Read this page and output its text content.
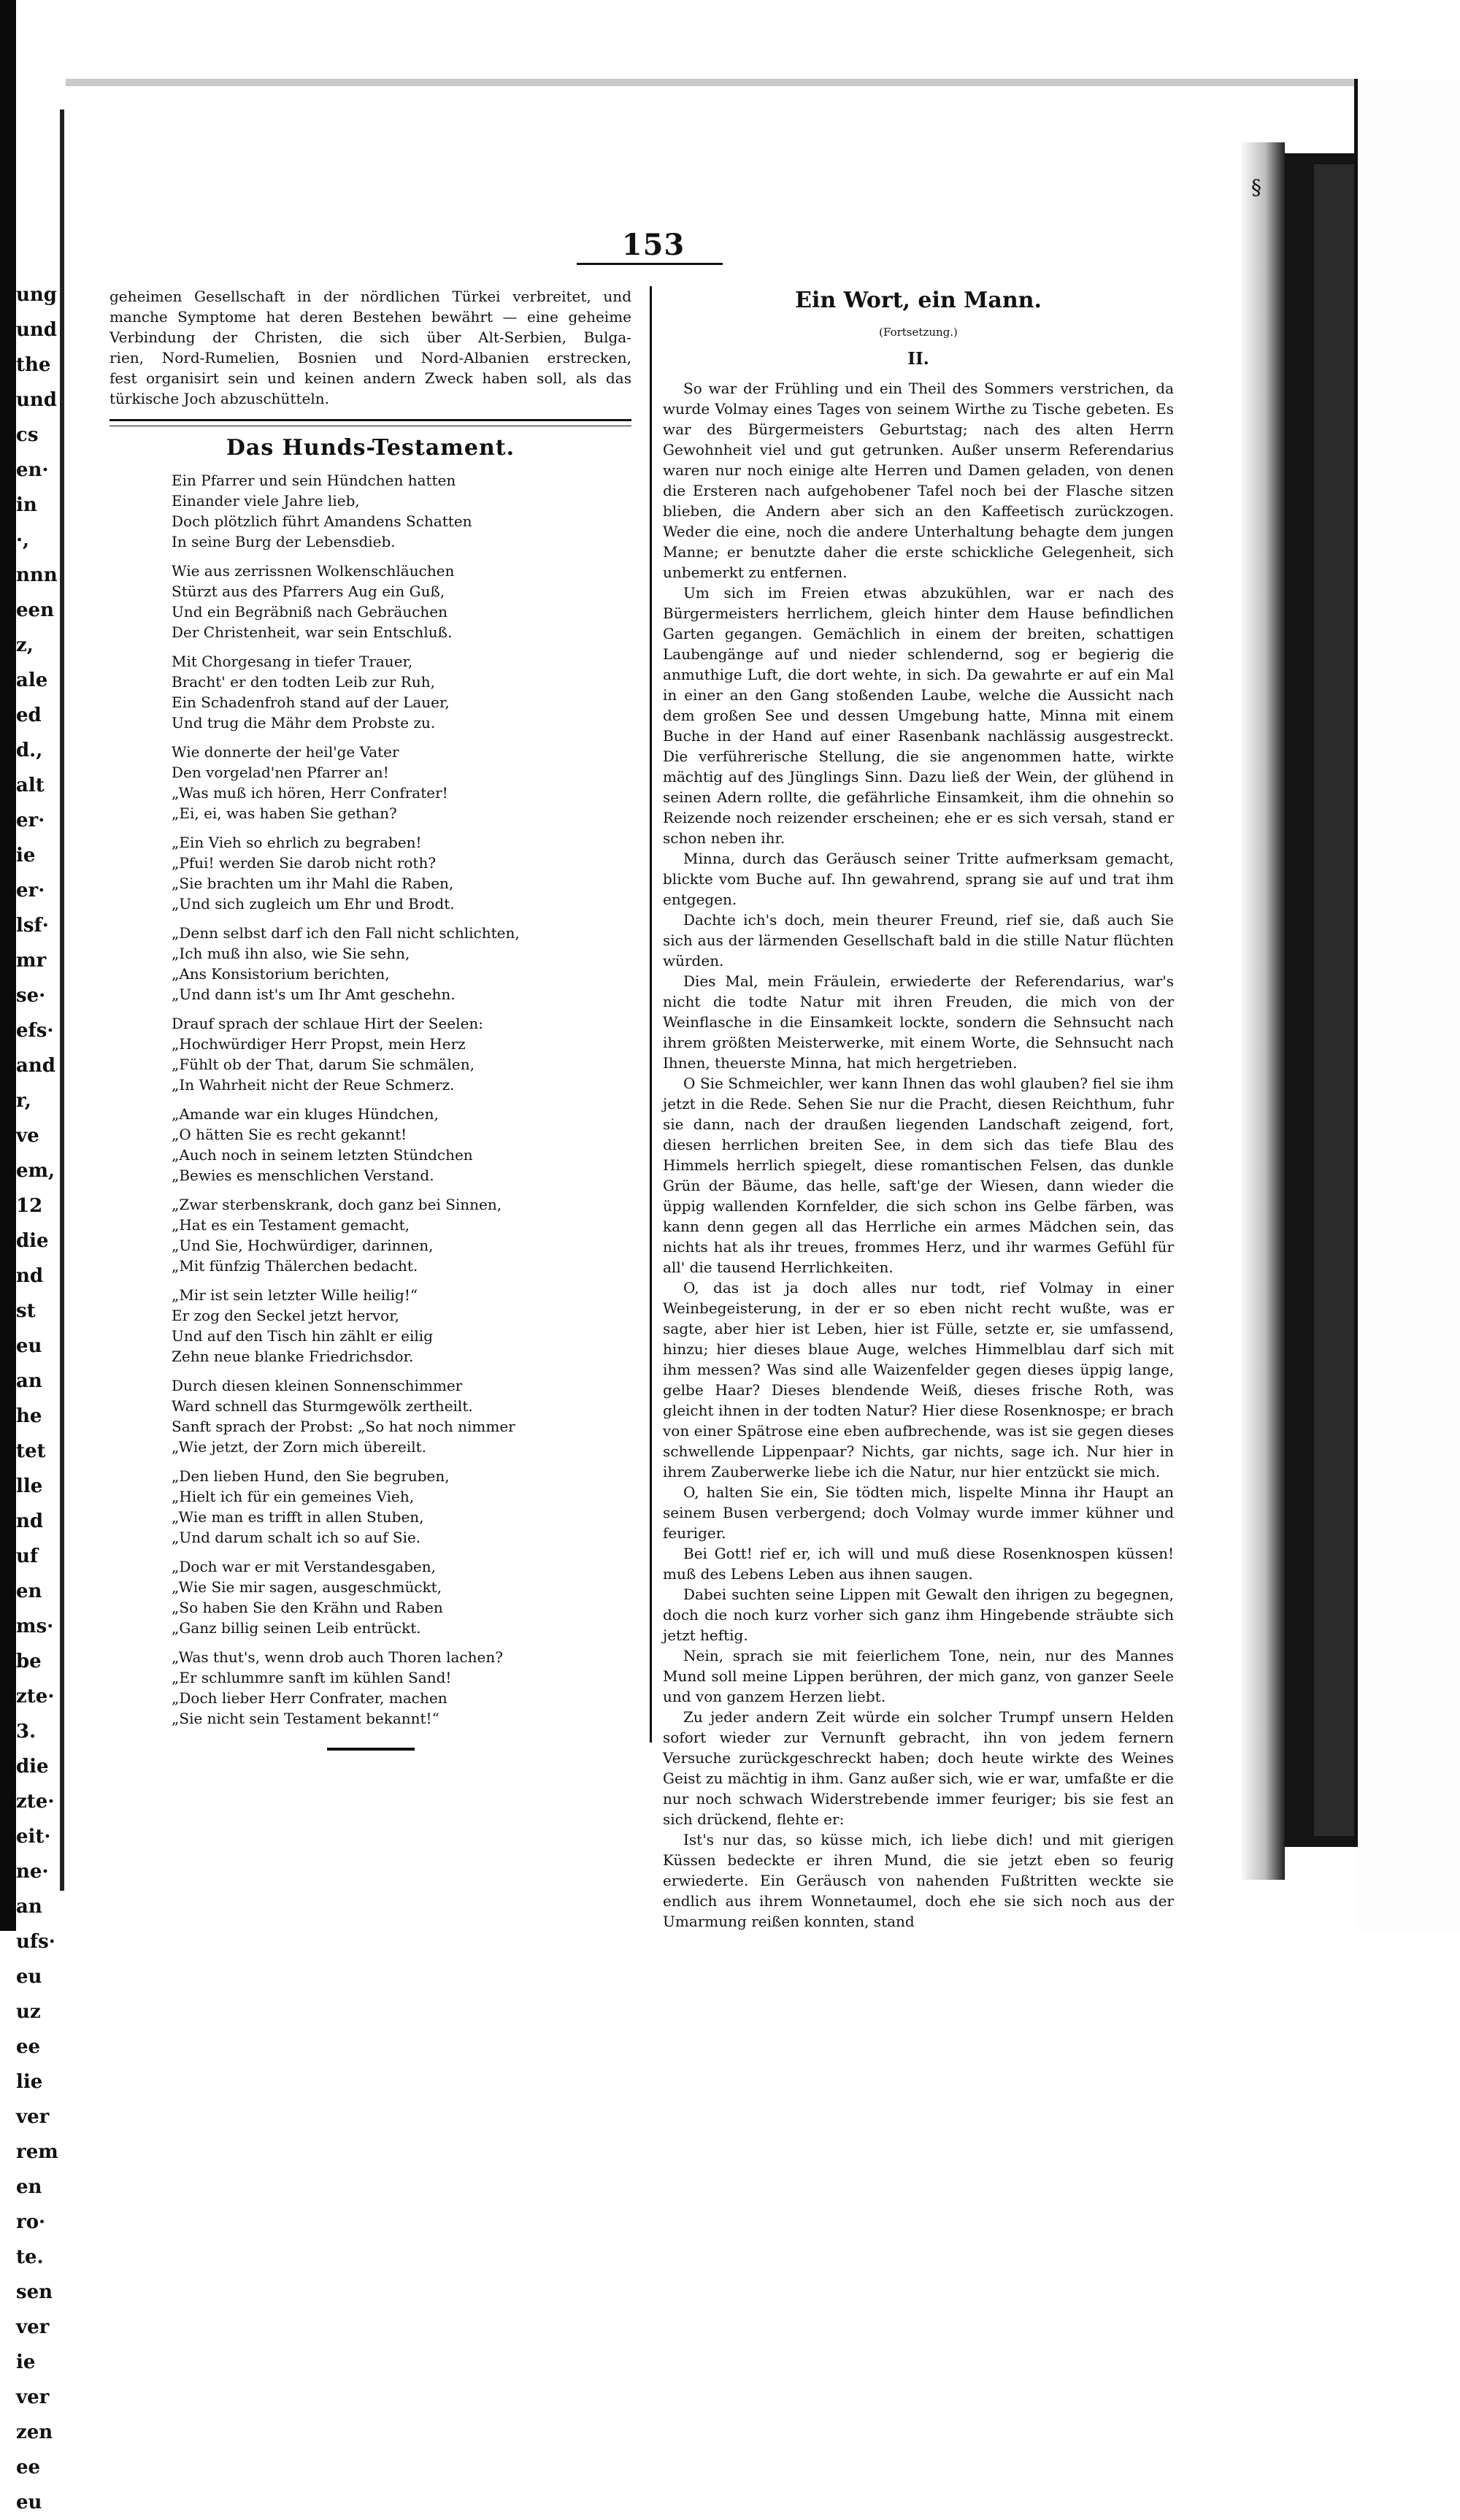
ung
und
the
und
cs
en·
in
·,
nnn
een
z,
ale
ed
d.,
alt
er·
ie
er·
lsf·
mr
se·
efs·
and
r,
ve
em,
12
die
nd
st
eu
an
he
tet
lle
nd
uf
en
ms·
be
zte·
3.
die
zte·
eit·
ne·
an
ufs·
eu
uz
ee
lie
ver
rem
en
ro·
te.
sen
ver
ie
ver
zen
ee
eu
§
153

geheimen Gesellschaft in der nördlichen Türkei verbreitet, und

manche Symptome hat deren Bestehen bewährt — eine geheime

Verbindung der Christen, die sich über Alt-Serbien, Bulga-

rien, Nord-Rumelien, Bosnien und Nord-Albanien erstrecken,

fest organisirt sein und keinen andern Zweck haben soll, als das

türkische Joch abzuschütteln.

Das Hunds-Testament.
Ein Pfarrer und sein Hündchen hatten
Einander viele Jahre lieb,
Doch plötzlich führt Amandens Schatten
In seine Burg der Lebensdieb.
Wie aus zerrissnen Wolkenschläuchen
Stürzt aus des Pfarrers Aug ein Guß,
Und ein Begräbniß nach Gebräuchen
Der Christenheit, war sein Entschluß.
Mit Chorgesang in tiefer Trauer,
Bracht' er den todten Leib zur Ruh,
Ein Schadenfroh stand auf der Lauer,
Und trug die Mähr dem Probste zu.
Wie donnerte der heil'ge Vater
Den vorgelad'nen Pfarrer an!
„Was muß ich hören, Herr Confrater!
„Ei, ei, was haben Sie gethan?
„Ein Vieh so ehrlich zu begraben!
„Pfui! werden Sie darob nicht roth?
„Sie brachten um ihr Mahl die Raben,
„Und sich zugleich um Ehr und Brodt.
„Denn selbst darf ich den Fall nicht schlichten,
„Ich muß ihn also, wie Sie sehn,
„Ans Konsistorium berichten,
„Und dann ist's um Ihr Amt geschehn.
Drauf sprach der schlaue Hirt der Seelen:
„Hochwürdiger Herr Propst, mein Herz
„Fühlt ob der That, darum Sie schmälen,
„In Wahrheit nicht der Reue Schmerz.
„Amande war ein kluges Hündchen,
„O hätten Sie es recht gekannt!
„Auch noch in seinem letzten Stündchen
„Bewies es menschlichen Verstand.
„Zwar sterbenskrank, doch ganz bei Sinnen,
„Hat es ein Testament gemacht,
„Und Sie, Hochwürdiger, darinnen,
„Mit fünfzig Thälerchen bedacht.
„Mir ist sein letzter Wille heilig!“
Er zog den Seckel jetzt hervor,
Und auf den Tisch hin zählt er eilig
Zehn neue blanke Friedrichsdor.
Durch diesen kleinen Sonnenschimmer
Ward schnell das Sturmgewölk zertheilt.
Sanft sprach der Probst: „So hat noch nimmer
„Wie jetzt, der Zorn mich übereilt.
„Den lieben Hund, den Sie begruben,
„Hielt ich für ein gemeines Vieh,
„Wie man es trifft in allen Stuben,
„Und darum schalt ich so auf Sie.
„Doch war er mit Verstandesgaben,
„Wie Sie mir sagen, ausgeschmückt,
„So haben Sie den Krähn und Raben
„Ganz billig seinen Leib entrückt.
„Was thut's, wenn drob auch Thoren lachen?
„Er schlummre sanft im kühlen Sand!
„Doch lieber Herr Confrater, machen
„Sie nicht sein Testament bekannt!“
Ein Wort, ein Mann.
(Fortsetzung.)
II.

So war der Frühling und ein Theil des Sommers verstrichen, da wurde Volmay eines Tages von seinem Wirthe zu Tische gebeten. Es war des Bürgermeisters Geburtstag; nach des alten Herrn Gewohnheit viel und gut getrunken. Außer unserm Referendarius waren nur noch einige alte Herren und Damen geladen, von denen die Ersteren nach aufgehobener Tafel noch bei der Flasche sitzen blieben, die Andern aber sich an den Kaffeetisch zurückzogen. Weder die eine, noch die andere Unterhaltung behagte dem jungen Manne; er benutzte daher die erste schickliche Gelegenheit, sich unbemerkt zu entfernen.

Um sich im Freien etwas abzukühlen, war er nach des Bürgermeisters herrlichem, gleich hinter dem Hause befindlichen Garten gegangen. Gemächlich in einem der breiten, schattigen Laubengänge auf und nieder schlendernd, sog er begierig die anmuthige Luft, die dort wehte, in sich. Da gewahrte er auf ein Mal in einer an den Gang stoßenden Laube, welche die Aussicht nach dem großen See und dessen Umgebung hatte, Minna mit einem Buche in der Hand auf einer Rasenbank nachlässig ausgestreckt. Die verführerische Stellung, die sie angenommen hatte, wirkte mächtig auf des Jünglings Sinn. Dazu ließ der Wein, der glühend in seinen Adern rollte, die gefährliche Einsamkeit, ihm die ohnehin so Reizende noch reizender erscheinen; ehe er es sich versah, stand er schon neben ihr.

Minna, durch das Geräusch seiner Tritte aufmerksam gemacht, blickte vom Buche auf. Ihn gewahrend, sprang sie auf und trat ihm entgegen.

Dachte ich's doch, mein theurer Freund, rief sie, daß auch Sie sich aus der lärmenden Gesellschaft bald in die stille Natur flüchten würden.

Dies Mal, mein Fräulein, erwiederte der Referendarius, war's nicht die todte Natur mit ihren Freuden, die mich von der Weinflasche in die Einsamkeit lockte, sondern die Sehnsucht nach ihrem größten Meisterwerke, mit einem Worte, die Sehnsucht nach Ihnen, theuerste Minna, hat mich hergetrieben.

O Sie Schmeichler, wer kann Ihnen das wohl glauben? fiel sie ihm jetzt in die Rede. Sehen Sie nur die Pracht, diesen Reichthum, fuhr sie dann, nach der draußen liegenden Landschaft zeigend, fort, diesen herrlichen breiten See, in dem sich das tiefe Blau des Himmels herrlich spiegelt, diese romantischen Felsen, das dunkle Grün der Bäume, das helle, saft'ge der Wiesen, dann wieder die üppig wallenden Kornfelder, die sich schon ins Gelbe färben, was kann denn gegen all das Herrliche ein armes Mädchen sein, das nichts hat als ihr treues, frommes Herz, und ihr warmes Gefühl für all' die tausend Herrlichkeiten.

O, das ist ja doch alles nur todt, rief Volmay in einer Weinbegeisterung, in der er so eben nicht recht wußte, was er sagte, aber hier ist Leben, hier ist Fülle, setzte er, sie umfassend, hinzu; hier dieses blaue Auge, welches Himmelblau darf sich mit ihm messen? Was sind alle Waizenfelder gegen dieses üppig lange, gelbe Haar? Dieses blendende Weiß, dieses frische Roth, was gleicht ihnen in der todten Natur? Hier diese Rosenknospe; er brach von einer Spätrose eine eben aufbrechende, was ist sie gegen dieses schwellende Lippenpaar? Nichts, gar nichts, sage ich. Nur hier in ihrem Zauberwerke liebe ich die Natur, nur hier entzückt sie mich.

O, halten Sie ein, Sie tödten mich, lispelte Minna ihr Haupt an seinem Busen verbergend; doch Volmay wurde immer kühner und feuriger.

Bei Gott! rief er, ich will und muß diese Rosenknospen küssen! muß des Lebens Leben aus ihnen saugen.

Dabei suchten seine Lippen mit Gewalt den ihrigen zu begegnen, doch die noch kurz vorher sich ganz ihm Hingebende sträubte sich jetzt heftig.

Nein, sprach sie mit feierlichem Tone, nein, nur des Mannes Mund soll meine Lippen berühren, der mich ganz, von ganzer Seele und von ganzem Herzen liebt.

Zu jeder andern Zeit würde ein solcher Trumpf unsern Helden sofort wieder zur Vernunft gebracht, ihn von jedem fernern Versuche zurückgeschreckt haben; doch heute wirkte des Weines Geist zu mächtig in ihm. Ganz außer sich, wie er war, umfaßte er die nur noch schwach Widerstrebende immer feuriger; bis sie fest an sich drückend, flehte er:

Ist's nur das, so küsse mich, ich liebe dich! und mit gierigen Küssen bedeckte er ihren Mund, die sie jetzt eben so feurig erwiederte. Ein Geräusch von nahenden Fußtritten weckte sie endlich aus ihrem Wonnetaumel, doch ehe sie sich noch aus der Umarmung reißen konnten, stand
